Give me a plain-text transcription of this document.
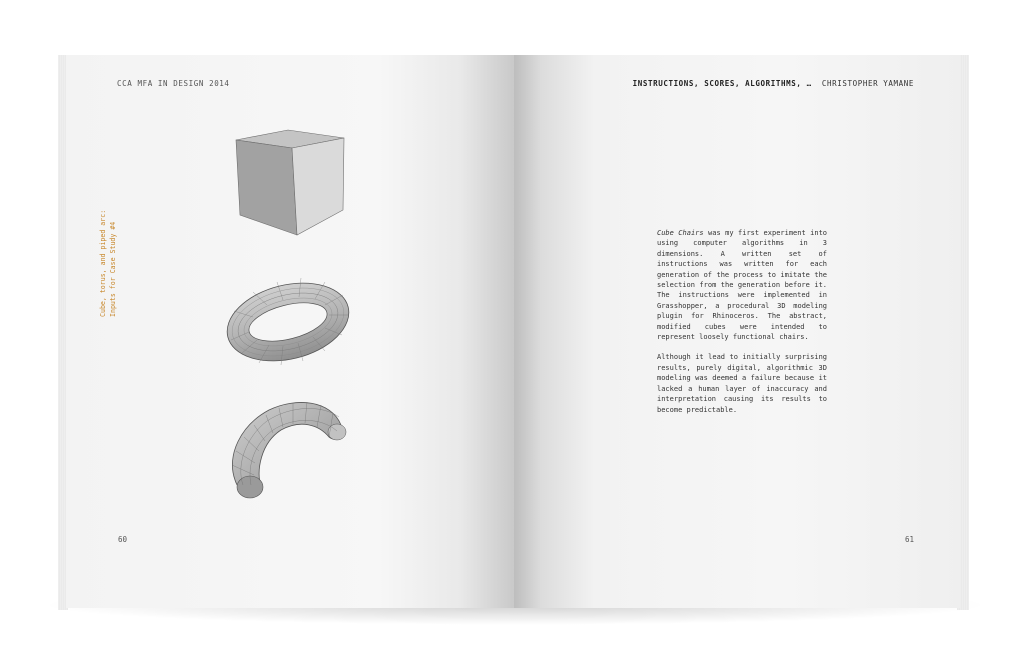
CCA MFA IN DESIGN 2014
Cube, torus, and piped arc: Inputs for Case Study #4
60
INSTRUCTIONS, SCORES, ALGORITHMS, … CHRISTOPHER YAMANE

Cube Chairs was my first experiment into using computer algorithms in 3 dimensions. A written set of instructions was written for each generation of the process to imitate the selection from the generation before it. The instructions were implemented in Grasshopper, a procedural 3D modeling plugin for Rhinoceros. The abstract, modified cubes were intended to represent loosely functional chairs.

Although it lead to initially surprising results, purely digital, algorithmic 3D modeling was deemed a failure because it lacked a human layer of inaccuracy and interpretation causing its results to become predictable.

61
